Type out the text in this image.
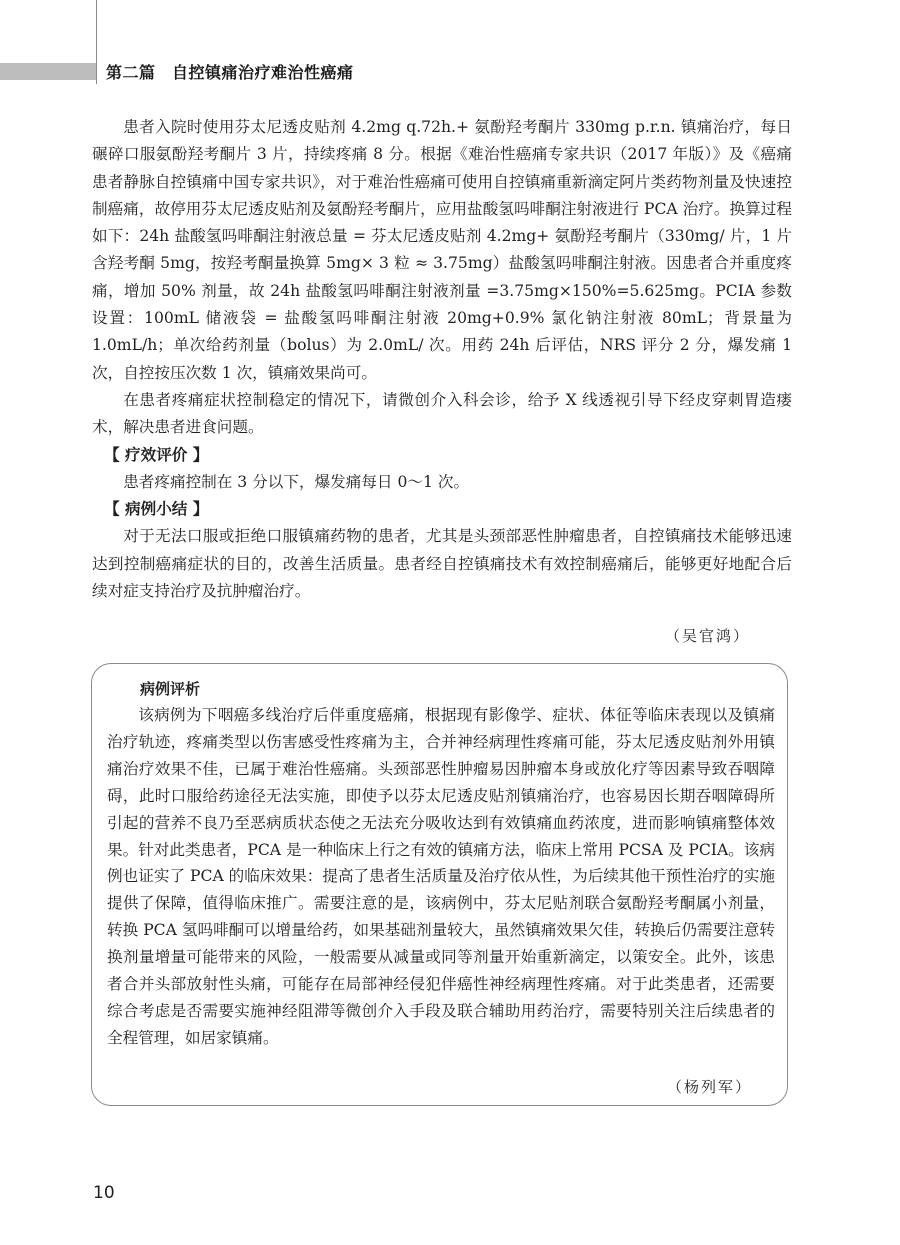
第二篇　自控镇痛治疗难治性癌痛

患者入院时使用芬太尼透皮贴剂 4.2mg q.72h.+ 氨酚羟考酮片 330mg p.r.n. 镇痛治疗，每日碾碎口服氨酚羟考酮片 3 片，持续疼痛 8 分。根据《难治性癌痛专家共识（2017 年版）》及《癌痛患者静脉自控镇痛中国专家共识》，对于难治性癌痛可使用自控镇痛重新滴定阿片类药物剂量及快速控制癌痛，故停用芬太尼透皮贴剂及氨酚羟考酮片，应用盐酸氢吗啡酮注射液进行 PCA 治疗。换算过程如下：24h 盐酸氢吗啡酮注射液总量 = 芬太尼透皮贴剂 4.2mg+ 氨酚羟考酮片（330mg/ 片，1 片含羟考酮 5mg，按羟考酮量换算 5mg× 3 粒 ≈ 3.75mg）盐酸氢吗啡酮注射液。因患者合并重度疼痛，增加 50% 剂量，故 24h 盐酸氢吗啡酮注射液剂量 =3.75mg×150%=5.625mg。PCIA 参数设置：100mL 储液袋 = 盐酸氢吗啡酮注射液 20mg+0.9% 氯化钠注射液 80mL；背景量为 1.0mL/h；单次给药剂量（bolus）为 2.0mL/ 次。用药 24h 后评估，NRS 评分 2 分，爆发痛 1 次，自控按压次数 1 次，镇痛效果尚可。

在患者疼痛症状控制稳定的情况下，请微创介入科会诊，给予 X 线透视引导下经皮穿刺胃造瘘术，解决患者进食问题。

【 疗效评价 】

患者疼痛控制在 3 分以下，爆发痛每日 0～1 次。

【 病例小结 】

对于无法口服或拒绝口服镇痛药物的患者，尤其是头颈部恶性肿瘤患者，自控镇痛技术能够迅速达到控制癌痛症状的目的，改善生活质量。患者经自控镇痛技术有效控制癌痛后，能够更好地配合后续对症支持治疗及抗肿瘤治疗。

（吴官鸿）
病例评析

该病例为下咽癌多线治疗后伴重度癌痛，根据现有影像学、症状、体征等临床表现以及镇痛治疗轨迹，疼痛类型以伤害感受性疼痛为主，合并神经病理性疼痛可能，芬太尼透皮贴剂外用镇痛治疗效果不佳，已属于难治性癌痛。头颈部恶性肿瘤易因肿瘤本身或放化疗等因素导致吞咽障碍，此时口服给药途径无法实施，即使予以芬太尼透皮贴剂镇痛治疗，也容易因长期吞咽障碍所引起的营养不良乃至恶病质状态使之无法充分吸收达到有效镇痛血药浓度，进而影响镇痛整体效果。针对此类患者，PCA 是一种临床上行之有效的镇痛方法，临床上常用 PCSA 及 PCIA。该病例也证实了 PCA 的临床效果：提高了患者生活质量及治疗依从性，为后续其他干预性治疗的实施提供了保障，值得临床推广。需要注意的是，该病例中，芬太尼贴剂联合氨酚羟考酮属小剂量，转换 PCA 氢吗啡酮可以增量给药，如果基础剂量较大，虽然镇痛效果欠佳，转换后仍需要注意转换剂量增量可能带来的风险，一般需要从减量或同等剂量开始重新滴定，以策安全。此外，该患者合并头部放射性头痛，可能存在局部神经侵犯伴癌性神经病理性疼痛。对于此类患者，还需要综合考虑是否需要实施神经阻滞等微创介入手段及联合辅助用药治疗，需要特别关注后续患者的全程管理，如居家镇痛。

（杨列军）
10
